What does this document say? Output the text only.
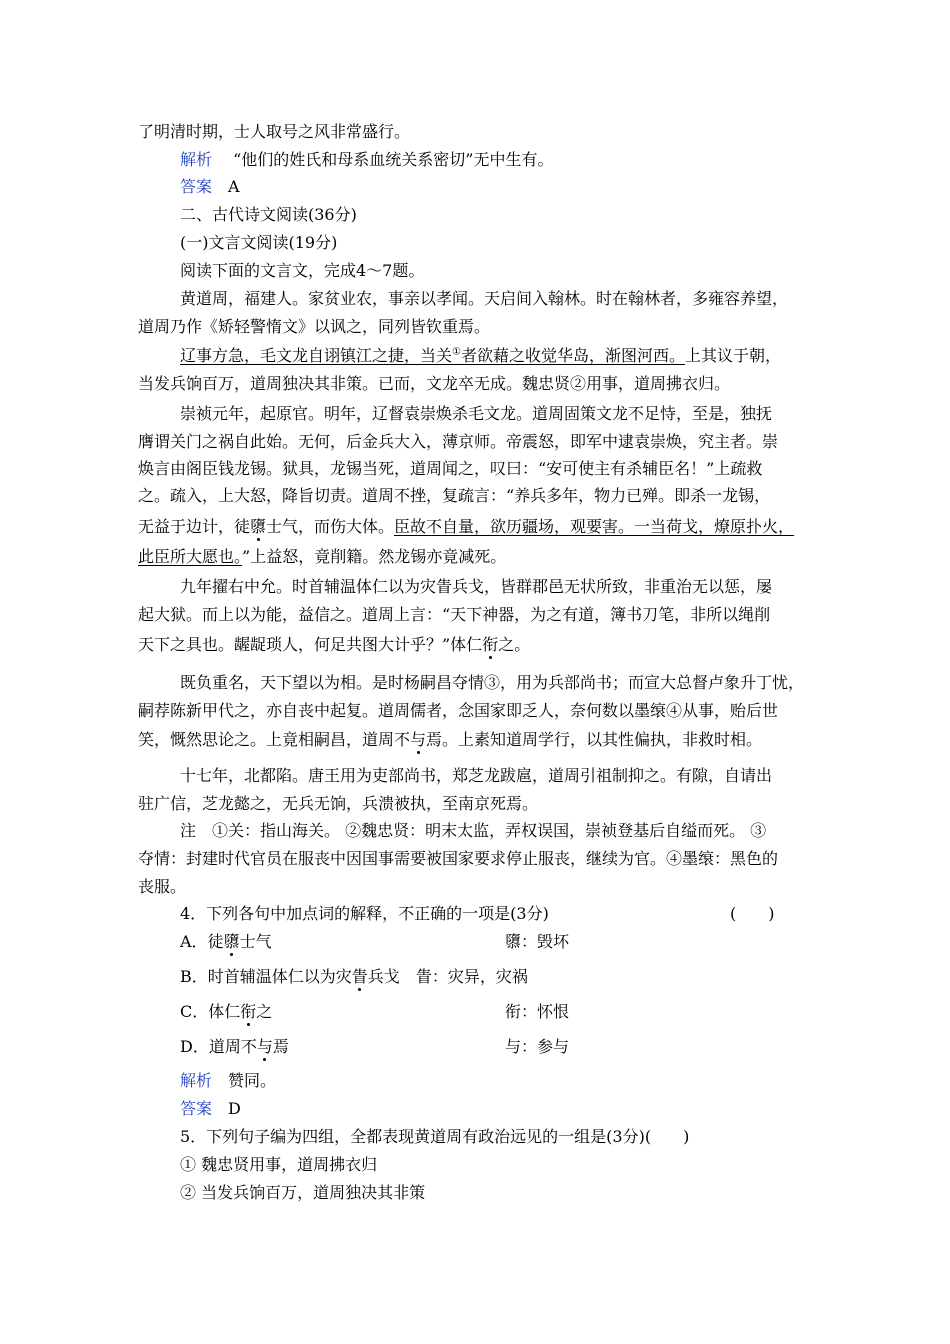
了明清时期，士人取号之风非常盛行。
解析　 “他们的姓氏和母系血统关系密切”无中生有。
答案　 A
二、古代诗文阅读(36分)
(一)文言文阅读(19分)
阅读下面的文言文，完成4～7题。
黄道周，福建人。家贫业农，事亲以孝闻。天启间入翰林。时在翰林者，多雍容养望，
道周乃作《矫轻警惰文》以讽之，同列皆钦重焉。
辽事方急，毛文龙自诩镇江之捷，当关①者欲藉之收觉华岛，渐图河西。上其议于朝，
当发兵饷百万，道周独决其非策。已而，文龙卒无成。魏忠贤②用事，道周拂衣归。
崇祯元年，起原官。明年，辽督袁崇焕杀毛文龙。道周固策文龙不足恃，至是，独抚
膺谓关门之祸自此始。无何，后金兵大入，薄京师。帝震怒，即军中逮袁崇焕，究主者。崇
焕言由阁臣钱龙锡。狱具，龙锡当死，道周闻之，叹曰：“安可使主有杀辅臣名！”上疏救
之。疏入，上大怒，降旨切责。道周不挫，复疏言：“养兵多年，物力已殚。即杀一龙锡，
无益于边计，徒隳士气，而伤大体。臣故不自量，欲历疆场，观要害。一当荷戈，燎原扑火，
此臣所大愿也。”上益怒，竟削籍。然龙锡亦竟减死。
九年擢右中允。时首辅温体仁以为灾眚兵戈，皆群郡邑无状所致，非重治无以惩，屡
起大狱。而上以为能，益信之。道周上言：“天下神器，为之有道，簿书刀笔，非所以绳削
天下之具也。龌龊琐人，何足共图大计乎？”体仁衔之。
既负重名，天下望以为相。是时杨嗣昌夺情③，用为兵部尚书；而宣大总督卢象升丁忧，
嗣荐陈新甲代之，亦自丧中起复。道周儒者，念国家即乏人，奈何数以墨缞④从事，贻后世
笑，慨然思论之。上竟相嗣昌，道周不与焉。上素知道周学行，以其性偏执，非救时相。
十七年，北都陷。唐王用为吏部尚书，郑芝龙跋扈，道周引祖制抑之。有隙，自请出
驻广信，芝龙懿之，无兵无饷，兵溃被执，至南京死焉。
注　①关：指山海关。 ②魏忠贤：明末太监，弄权误国，崇祯登基后自缢而死。 ③
夺情：封建时代官员在服丧中因国事需要被国家要求停止服丧，继续为官。④墨缞：黑色的
丧服。
4．下列各句中加点词的解释，不正确的一项是(3分)	(　　)
A．徒隳士气	隳：毁坏
B．时首辅温体仁以为灾眚兵戈　 眚：灾异，灾祸
C．体仁衔之	衔：怀恨
D．道周不与焉	与：参与
解析　 赞同。
答案　 D
5．下列句子编为四组，全都表现黄道周有政治远见的一组是(3分)(　　)
① 魏忠贤用事，道周拂衣归
② 当发兵饷百万，道周独决其非策
